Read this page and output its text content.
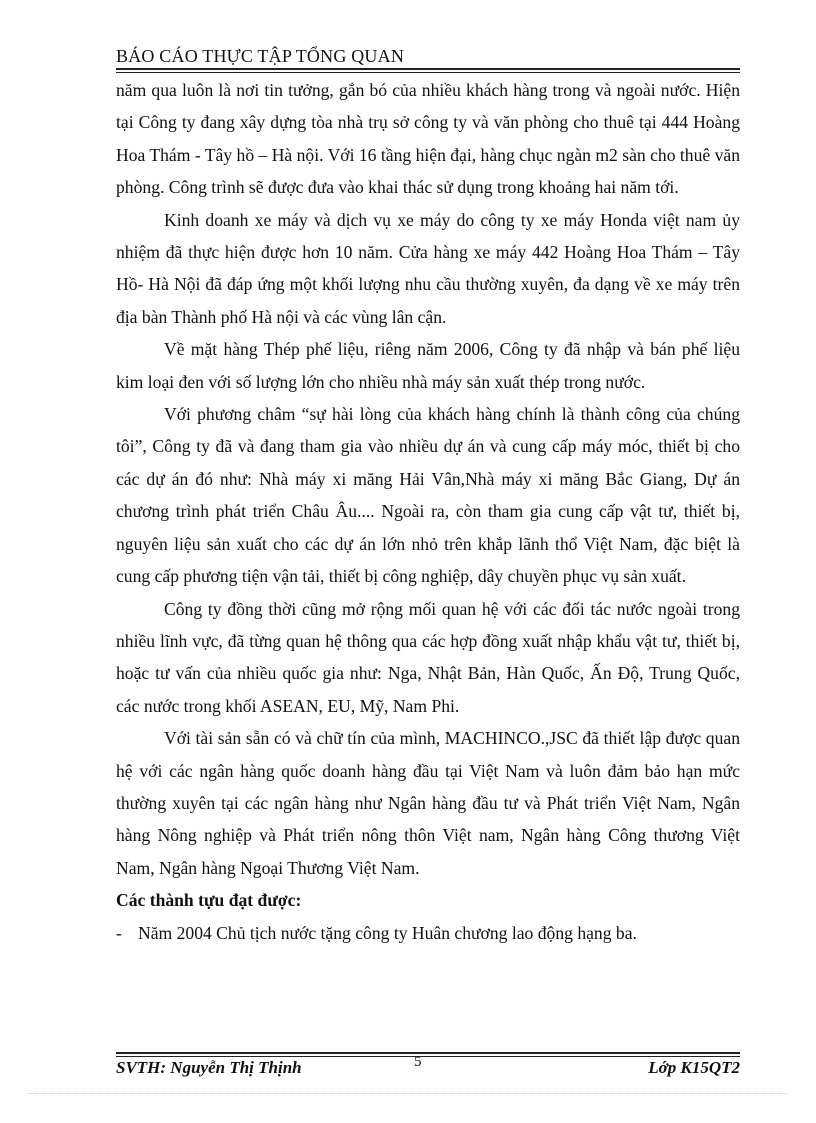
BÁO CÁO THỰC TẬP TỔNG QUAN

năm qua luôn là nơi tin tưởng, gắn bó của nhiều khách hàng trong và ngoài nước. Hiện tại Công ty đang xây dựng tòa nhà trụ sở công ty và văn phòng cho thuê tại 444 Hoàng Hoa Thám - Tây hồ – Hà nội. Với 16 tầng hiện đại, hàng chục ngàn m2 sàn cho thuê văn phòng. Công trình sẽ được đưa vào khai thác sử dụng trong khoảng hai năm tới.

Kinh doanh xe máy và dịch vụ xe máy do công ty xe máy Honda việt nam ủy nhiệm đã thực hiện được hơn 10 năm. Cửa hàng xe máy 442 Hoàng Hoa Thám – Tây Hồ- Hà Nội đã đáp ứng một khối lượng nhu cầu thường xuyên, đa dạng về xe máy trên địa bàn Thành phố Hà nội và các vùng lân cận.

Về mặt hàng Thép phế liệu, riêng năm 2006, Công ty đã nhập và bán phế liệu kim loại đen với số lượng lớn cho nhiều nhà máy sản xuất thép trong nước.

Với phương châm “sự hài lòng của khách hàng chính là thành công của chúng tôi”, Công ty đã và đang tham gia vào nhiều dự án và cung cấp máy móc, thiết bị cho các dự án đó như: Nhà máy xi măng Hải Vân,Nhà máy xi măng Bắc Giang, Dự án chương trình phát triển Châu Âu.... Ngoài ra, còn tham gia cung cấp vật tư, thiết bị, nguyên liệu sản xuất cho các dự án lớn nhỏ trên khắp lãnh thổ Việt Nam, đặc biệt là cung cấp phương tiện vận tải, thiết bị công nghiệp, dây chuyền phục vụ sản xuất.

Công ty đồng thời cũng mở rộng mối quan hệ với các đối tác nước ngoài trong nhiều lĩnh vực, đã từng quan hệ thông qua các hợp đồng xuất nhập khẩu vật tư, thiết bị, hoặc tư vấn của nhiều quốc gia như: Nga, Nhật Bản, Hàn Quốc, Ấn Độ, Trung Quốc, các nước trong khối ASEAN, EU, Mỹ, Nam Phi.

Với tài sản sẵn có và chữ tín của mình, MACHINCO.,JSC đã thiết lập được quan hệ với các ngân hàng quốc doanh hàng đầu tại Việt Nam và luôn đảm bảo hạn mức thường xuyên tại các ngân hàng như Ngân hàng đầu tư và Phát triển Việt Nam, Ngân hàng Nông nghiệp và Phát triển nông thôn Việt nam, Ngân hàng Công thương Việt Nam, Ngân hàng Ngoại Thương Việt Nam.

Các thành tựu đạt được:

- Năm 2004 Chủ tịch nước tặng công ty Huân chương lao động hạng ba.
SVTH: Nguyễn Thị Thịnh	5	Lớp K15QT2
